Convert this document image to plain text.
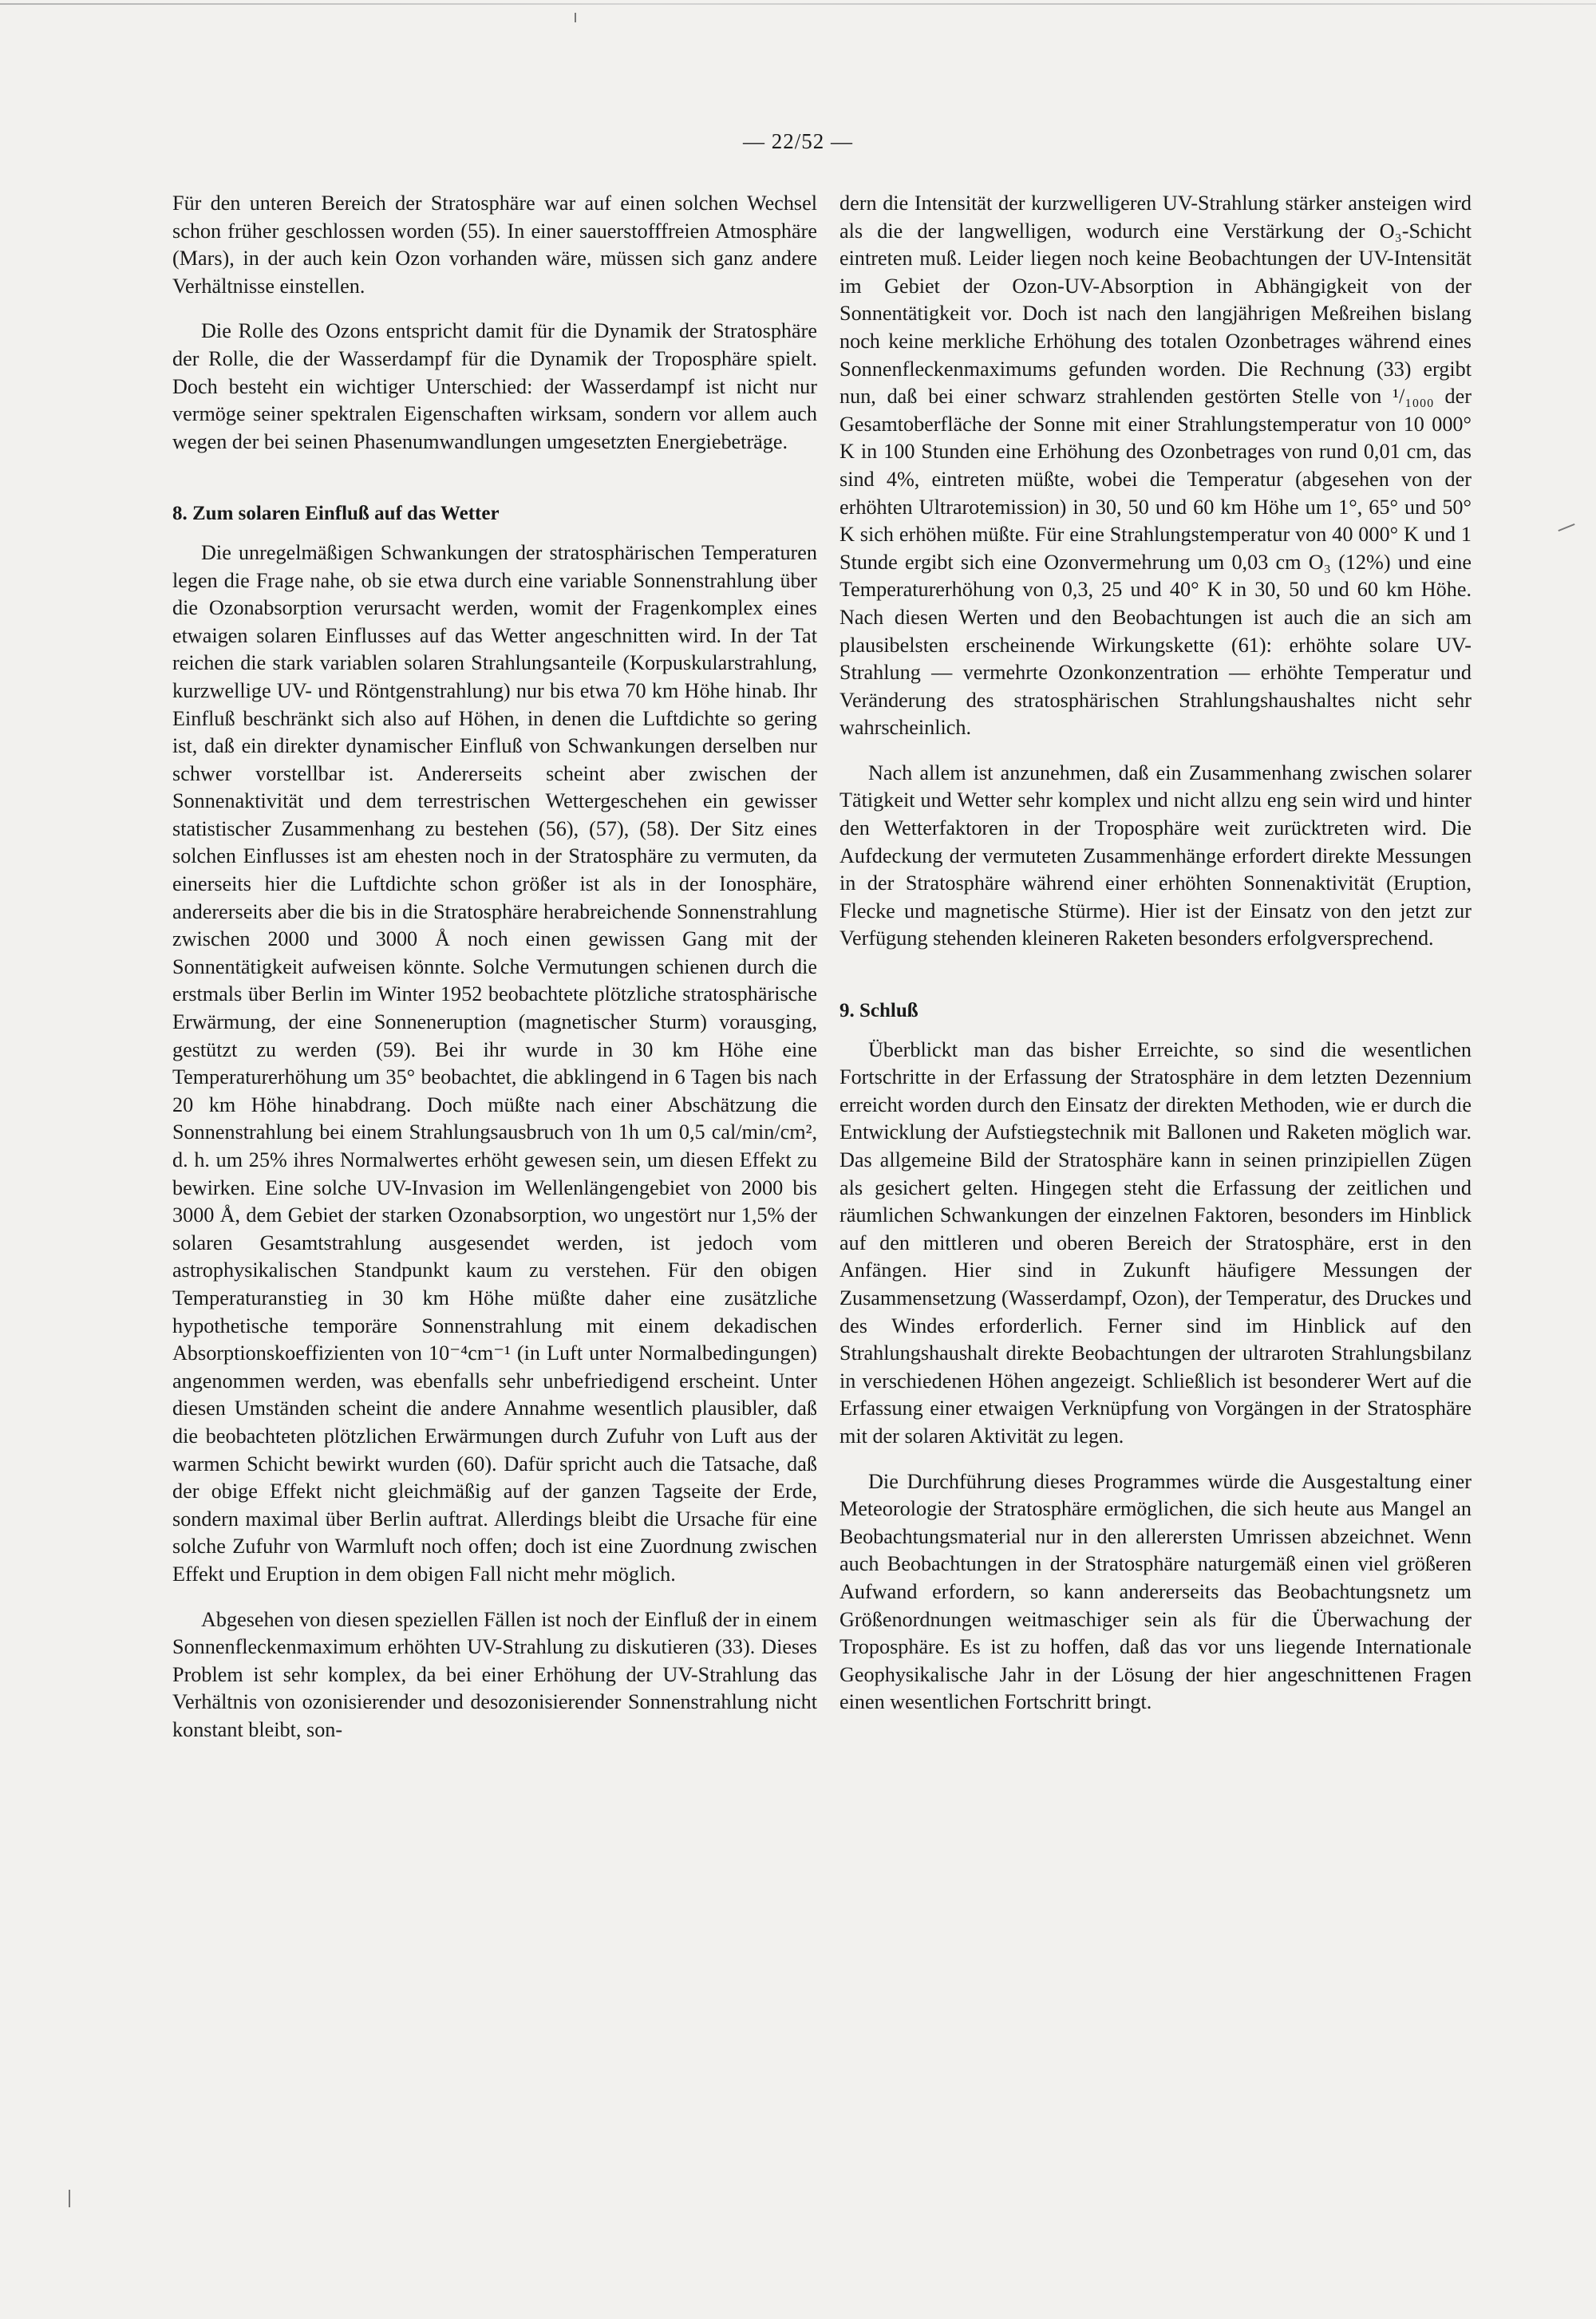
— 22/52 —

Für den unteren Bereich der Stratosphäre war auf einen solchen Wechsel schon früher geschlossen worden (55). In einer sauerstofffreien Atmosphäre (Mars), in der auch kein Ozon vorhanden wäre, müssen sich ganz andere Verhältnisse einstellen.

Die Rolle des Ozons entspricht damit für die Dynamik der Stratosphäre der Rolle, die der Wasserdampf für die Dynamik der Troposphäre spielt. Doch besteht ein wichtiger Unterschied: der Wasserdampf ist nicht nur vermöge seiner spektralen Eigenschaften wirksam, sondern vor allem auch wegen der bei seinen Phasenumwandlungen umgesetzten Energiebeträge.

8. Zum solaren Einfluß auf das Wetter

Die unregelmäßigen Schwankungen der stratosphärischen Temperaturen legen die Frage nahe, ob sie etwa durch eine variable Sonnenstrahlung über die Ozonabsorption verursacht werden, womit der Fragenkomplex eines etwaigen solaren Einflusses auf das Wetter angeschnitten wird. In der Tat reichen die stark variablen solaren Strahlungsanteile (Korpuskularstrahlung, kurzwellige UV- und Röntgenstrahlung) nur bis etwa 70 km Höhe hinab. Ihr Einfluß beschränkt sich also auf Höhen, in denen die Luftdichte so gering ist, daß ein direkter dynamischer Einfluß von Schwankungen derselben nur schwer vorstellbar ist. Andererseits scheint aber zwischen der Sonnenaktivität und dem terrestrischen Wettergeschehen ein gewisser statistischer Zusammenhang zu bestehen (56), (57), (58). Der Sitz eines solchen Einflusses ist am ehesten noch in der Stratosphäre zu vermuten, da einerseits hier die Luftdichte schon größer ist als in der Ionosphäre, andererseits aber die bis in die Stratosphäre herabreichende Sonnenstrahlung zwischen 2000 und 3000 Å noch einen gewissen Gang mit der Sonnentätigkeit aufweisen könnte. Solche Vermutungen schienen durch die erstmals über Berlin im Winter 1952 beobachtete plötzliche stratosphärische Erwärmung, der eine Sonneneruption (magnetischer Sturm) vorausging, gestützt zu werden (59). Bei ihr wurde in 30 km Höhe eine Temperaturerhöhung um 35° beobachtet, die abklingend in 6 Tagen bis nach 20 km Höhe hinabdrang. Doch müßte nach einer Abschätzung die Sonnenstrahlung bei einem Strahlungsausbruch von 1h um 0,5 cal/min/cm², d. h. um 25% ihres Normalwertes erhöht gewesen sein, um diesen Effekt zu bewirken. Eine solche UV-Invasion im Wellenlängengebiet von 2000 bis 3000 Å, dem Gebiet der starken Ozonabsorption, wo ungestört nur 1,5% der solaren Gesamtstrahlung ausgesendet werden, ist jedoch vom astrophysikalischen Standpunkt kaum zu verstehen. Für den obigen Temperaturanstieg in 30 km Höhe müßte daher eine zusätzliche hypothetische temporäre Sonnenstrahlung mit einem dekadischen Absorptionskoeffizienten von 10⁻⁴cm⁻¹ (in Luft unter Normalbedingungen) angenommen werden, was ebenfalls sehr unbefriedigend erscheint. Unter diesen Umständen scheint die andere Annahme wesentlich plausibler, daß die beobachteten plötzlichen Erwärmungen durch Zufuhr von Luft aus der warmen Schicht bewirkt wurden (60). Dafür spricht auch die Tatsache, daß der obige Effekt nicht gleichmäßig auf der ganzen Tagseite der Erde, sondern maximal über Berlin auftrat. Allerdings bleibt die Ursache für eine solche Zufuhr von Warmluft noch offen; doch ist eine Zuordnung zwischen Effekt und Eruption in dem obigen Fall nicht mehr möglich.

Abgesehen von diesen speziellen Fällen ist noch der Einfluß der in einem Sonnenfleckenmaximum erhöhten UV-Strahlung zu diskutieren (33). Dieses Problem ist sehr komplex, da bei einer Erhöhung der UV-Strahlung das Verhältnis von ozonisierender und desozonisierender Sonnenstrahlung nicht konstant bleibt, son-

dern die Intensität der kurzwelligeren UV-Strahlung stärker ansteigen wird als die der langwelligen, wodurch eine Verstärkung der O₃-Schicht eintreten muß. Leider liegen noch keine Beobachtungen der UV-Intensität im Gebiet der Ozon-UV-Absorption in Abhängigkeit von der Sonnentätigkeit vor. Doch ist nach den langjährigen Meßreihen bislang noch keine merkliche Erhöhung des totalen Ozonbetrages während eines Sonnenfleckenmaximums gefunden worden. Die Rechnung (33) ergibt nun, daß bei einer schwarz strahlenden gestörten Stelle von ¹/₁₀₀₀ der Gesamtoberfläche der Sonne mit einer Strahlungstemperatur von 10 000° K in 100 Stunden eine Erhöhung des Ozonbetrages von rund 0,01 cm, das sind 4%, eintreten müßte, wobei die Temperatur (abgesehen von der erhöhten Ultrarotemission) in 30, 50 und 60 km Höhe um 1°, 65° und 50° K sich erhöhen müßte. Für eine Strahlungstemperatur von 40 000° K und 1 Stunde ergibt sich eine Ozonvermehrung um 0,03 cm O₃ (12%) und eine Temperaturerhöhung von 0,3, 25 und 40° K in 30, 50 und 60 km Höhe. Nach diesen Werten und den Beobachtungen ist auch die an sich am plausibelsten erscheinende Wirkungskette (61): erhöhte solare UV-Strahlung — vermehrte Ozonkonzentration — erhöhte Temperatur und Veränderung des stratosphärischen Strahlungshaushaltes nicht sehr wahrscheinlich.

Nach allem ist anzunehmen, daß ein Zusammenhang zwischen solarer Tätigkeit und Wetter sehr komplex und nicht allzu eng sein wird und hinter den Wetterfaktoren in der Troposphäre weit zurücktreten wird. Die Aufdeckung der vermuteten Zusammenhänge erfordert direkte Messungen in der Stratosphäre während einer erhöhten Sonnenaktivität (Eruption, Flecke und magnetische Stürme). Hier ist der Einsatz von den jetzt zur Verfügung stehenden kleineren Raketen besonders erfolgversprechend.

9. Schluß

Überblickt man das bisher Erreichte, so sind die wesentlichen Fortschritte in der Erfassung der Stratosphäre in dem letzten Dezennium erreicht worden durch den Einsatz der direkten Methoden, wie er durch die Entwicklung der Aufstiegstechnik mit Ballonen und Raketen möglich war. Das allgemeine Bild der Stratosphäre kann in seinen prinzipiellen Zügen als gesichert gelten. Hingegen steht die Erfassung der zeitlichen und räumlichen Schwankungen der einzelnen Faktoren, besonders im Hinblick auf den mittleren und oberen Bereich der Stratosphäre, erst in den Anfängen. Hier sind in Zukunft häufigere Messungen der Zusammensetzung (Wasserdampf, Ozon), der Temperatur, des Druckes und des Windes erforderlich. Ferner sind im Hinblick auf den Strahlungshaushalt direkte Beobachtungen der ultraroten Strahlungsbilanz in verschiedenen Höhen angezeigt. Schließlich ist besonderer Wert auf die Erfassung einer etwaigen Verknüpfung von Vorgängen in der Stratosphäre mit der solaren Aktivität zu legen.

Die Durchführung dieses Programmes würde die Ausgestaltung einer Meteorologie der Stratosphäre ermöglichen, die sich heute aus Mangel an Beobachtungsmaterial nur in den allerersten Umrissen abzeichnet. Wenn auch Beobachtungen in der Stratosphäre naturgemäß einen viel größeren Aufwand erfordern, so kann andererseits das Beobachtungsnetz um Größenordnungen weitmaschiger sein als für die Überwachung der Troposphäre. Es ist zu hoffen, daß das vor uns liegende Internationale Geophysikalische Jahr in der Lösung der hier angeschnittenen Fragen einen wesentlichen Fortschritt bringt.
